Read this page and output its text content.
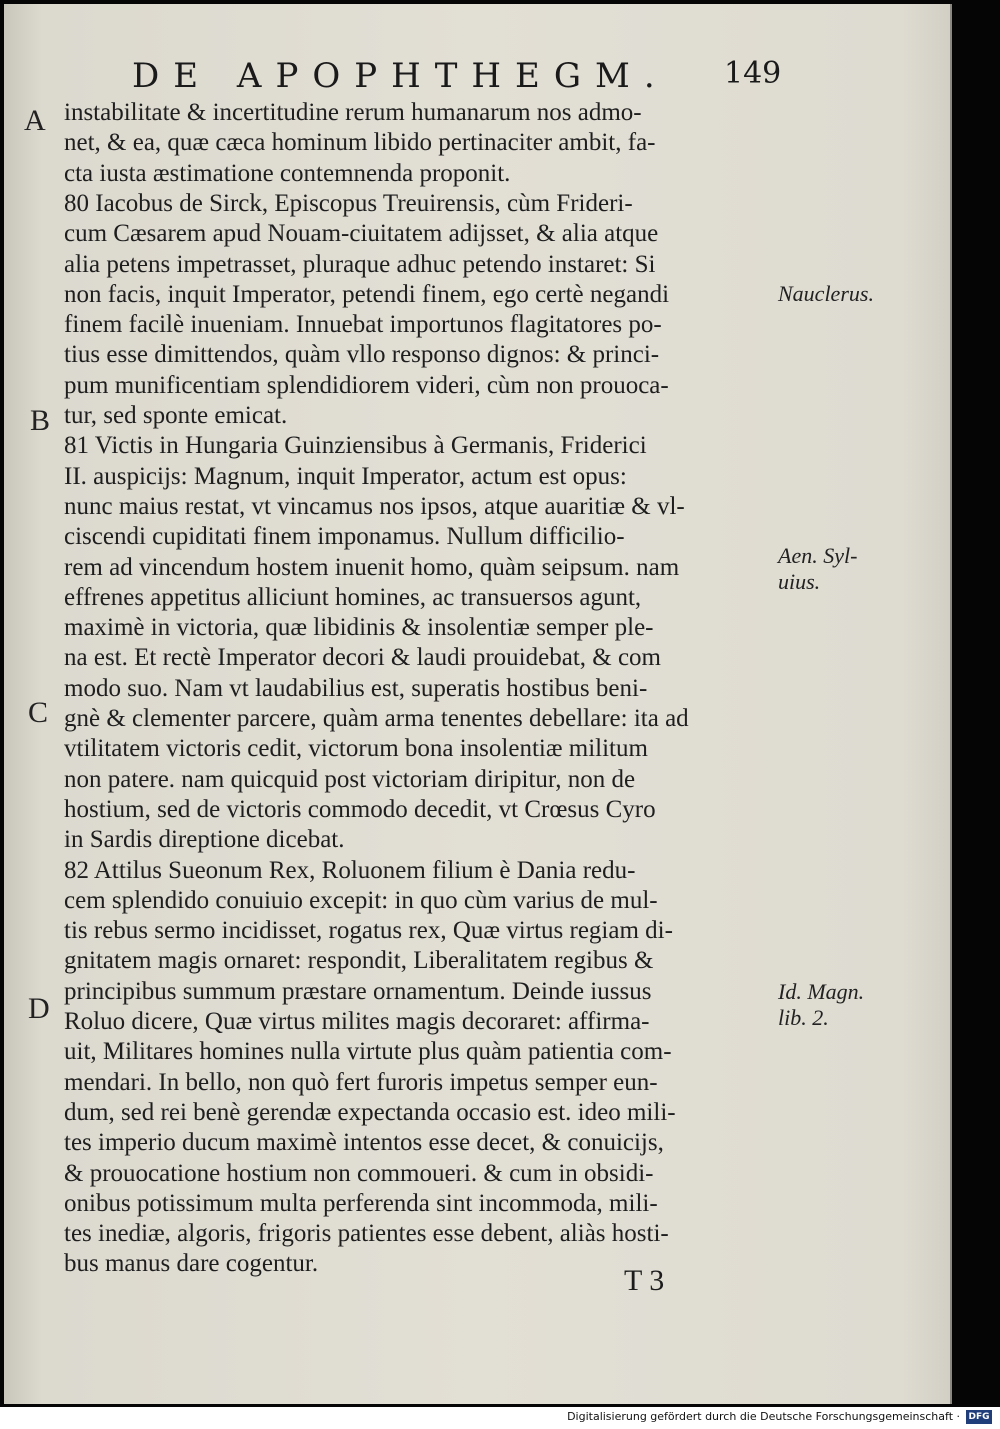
DE APOPHTHEGM. 149
instabilitate & incertitudine rerum humanarum nos admo-
net, & ea, quæ cæca hominum libido pertinaciter ambit, fa-
cta iusta æstimatione contemnenda proponit.
80 Iacobus de Sirck, Episcopus Treuirensis, cùm Frideri-
cum Cæsarem apud Nouam-ciuitatem adijsset, & alia atque
alia petens impetrasset, pluraque adhuc petendo instaret: Si
non facis, inquit Imperator, petendi finem, ego certè negandi
finem facilè inueniam. Innuebat importunos flagitatores po-
tius esse dimittendos, quàm vllo responso dignos: & princi-
pum munificentiam splendidiorem videri, cùm non prouoca-
tur, sed sponte emicat.
81 Victis in Hungaria Guinziensibus à Germanis, Friderici
II. auspicijs: Magnum, inquit Imperator, actum est opus:
nunc maius restat, vt vincamus nos ipsos, atque auaritiæ & vl-
ciscendi cupiditati finem imponamus. Nullum difficilio-
rem ad vincendum hostem inuenit homo, quàm seipsum. nam
effrenes appetitus alliciunt homines, ac transuersos agunt,
maximè in victoria, quæ libidinis & insolentiæ semper ple-
na est. Et rectè Imperator decori & laudi prouidebat, & com
modo suo. Nam vt laudabilius est, superatis hostibus beni-
gnè & clementer parcere, quàm arma tenentes debellare: ita ad
vtilitatem victoris cedit, victorum bona insolentiæ militum
non patere. nam quicquid post victoriam diripitur, non de
hostium, sed de victoris commodo decedit, vt Crœsus Cyro
in Sardis direptione dicebat.
82 Attilus Sueonum Rex, Roluonem filium è Dania redu-
cem splendido conuiuio excepit: in quo cùm varius de mul-
tis rebus sermo incidisset, rogatus rex, Quæ virtus regiam di-
gnitatem magis ornaret: respondit, Liberalitatem regibus &
principibus summum præstare ornamentum. Deinde iussus
Roluo dicere, Quæ virtus milites magis decoraret: affirma-
uit, Militares homines nulla virtute plus quàm patientia com-
mendari. In bello, non quò fert furoris impetus semper eun-
dum, sed rei benè gerendæ expectanda occasio est. ideo mili-
tes imperio ducum maximè intentos esse decet, & conuicijs,
& prouocatione hostium non commoueri. & cum in obsidi-
onibus potissimum multa perferenda sint incommoda, mili-
tes inediæ, algoris, frigoris patientes esse debent, aliàs hosti-
bus manus dare cogentur.
A
B
C
D
Nauclerus.
Aen. Syl-
uius.
Id. Magn.
lib. 2.
T 3
Digitalisierung gefördert durch die Deutsche Forschungsgemeinschaft · DFG
